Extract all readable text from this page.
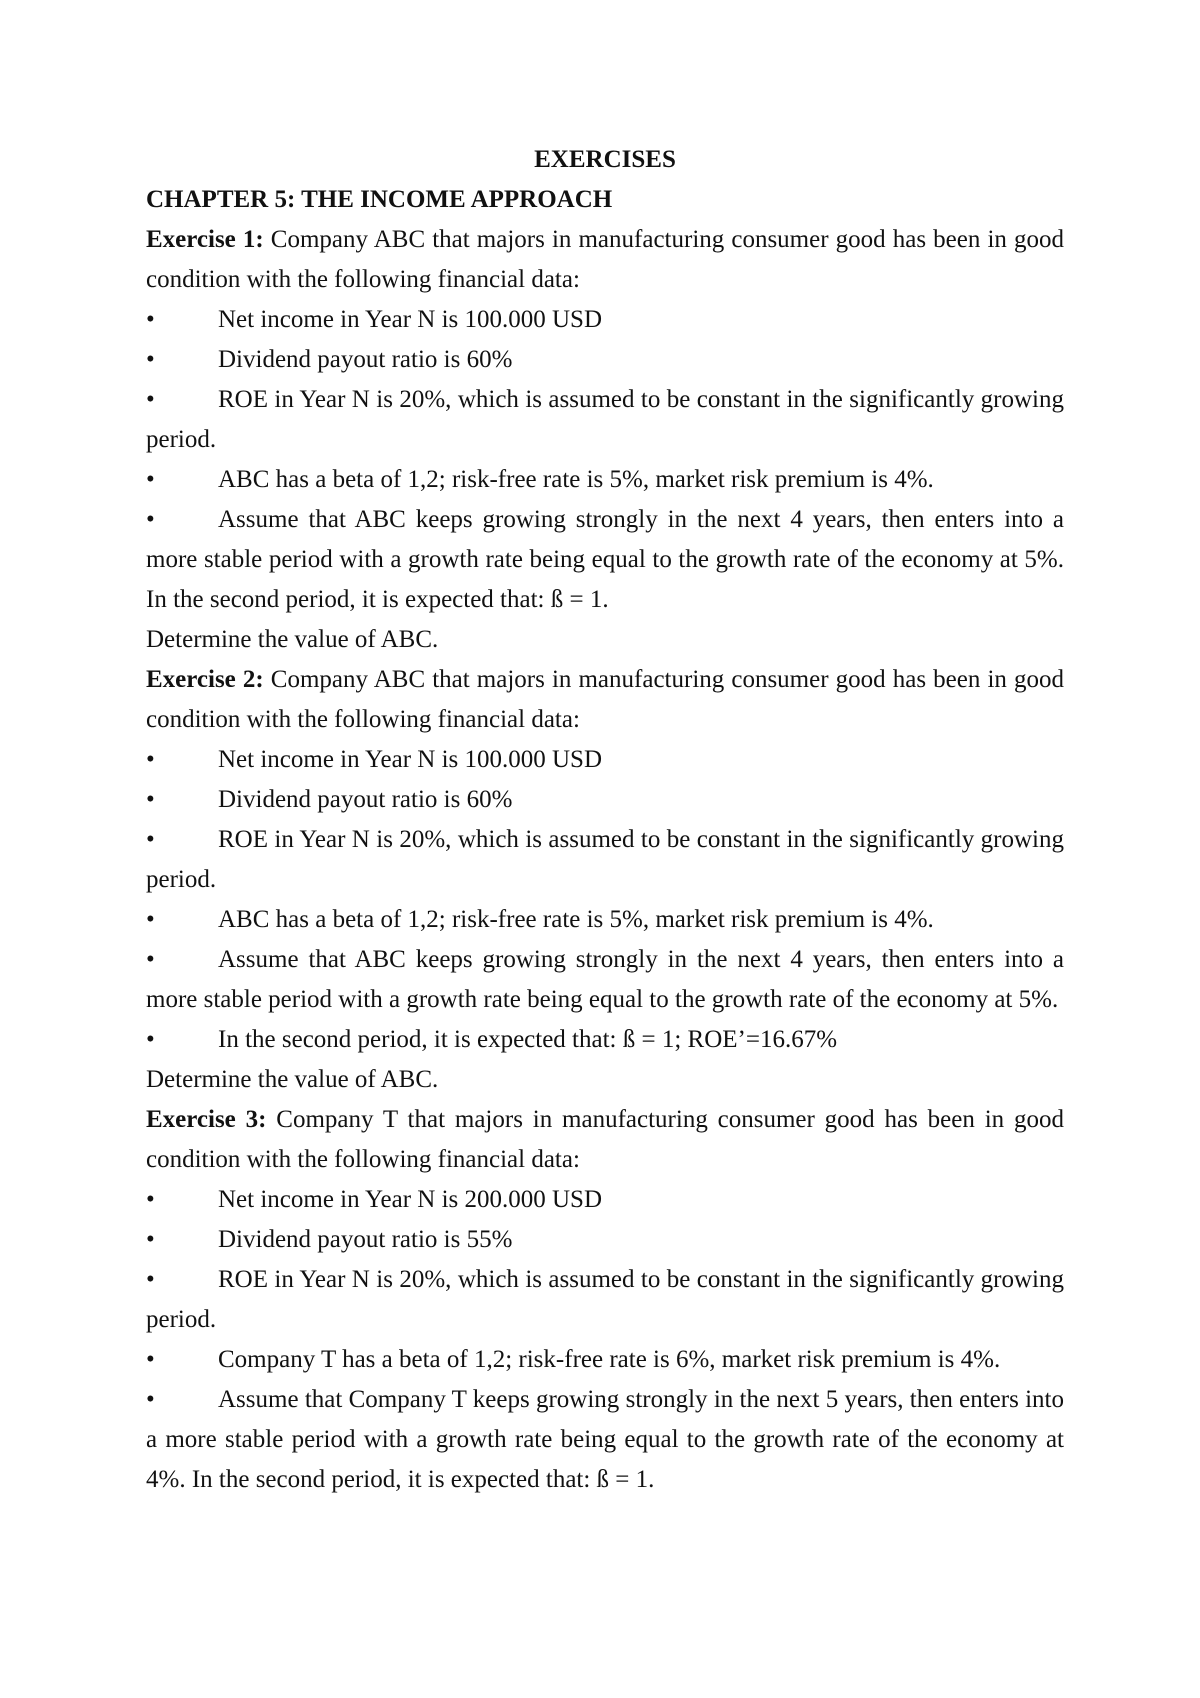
EXERCISES
CHAPTER 5: THE INCOME APPROACH
Exercise 1: Company ABC that majors in manufacturing consumer good has been in good condition with the following financial data:
•	Net income in Year N is 100.000 USD
•	Dividend payout ratio is 60%
•	ROE in Year N is 20%, which is assumed to be constant in the significantly growing period.
•	ABC has a beta of 1,2; risk-free rate is 5%, market risk premium is 4%.
•	Assume that ABC keeps growing strongly in the next 4 years, then enters into a more stable period with a growth rate being equal to the growth rate of the economy at 5%. In the second period, it is expected that: ß = 1.
Determine the value of ABC.
Exercise 2: Company ABC that majors in manufacturing consumer good has been in good condition with the following financial data:
•	Net income in Year N is 100.000 USD
•	Dividend payout ratio is 60%
•	ROE in Year N is 20%, which is assumed to be constant in the significantly growing period.
•	ABC has a beta of 1,2; risk-free rate is 5%, market risk premium is 4%.
•	Assume that ABC keeps growing strongly in the next 4 years, then enters into a more stable period with a growth rate being equal to the growth rate of the economy at 5%.
•	In the second period, it is expected that: ß = 1; ROE’=16.67%
Determine the value of ABC.
Exercise 3: Company T that majors in manufacturing consumer good has been in good condition with the following financial data:
•	Net income in Year N is 200.000 USD
•	Dividend payout ratio is 55%
•	ROE in Year N is 20%, which is assumed to be constant in the significantly growing period.
•	Company T has a beta of 1,2; risk-free rate is 6%, market risk premium is 4%.
•	Assume that Company T keeps growing strongly in the next 5 years, then enters into a more stable period with a growth rate being equal to the growth rate of the economy at 4%. In the second period, it is expected that: ß = 1.
